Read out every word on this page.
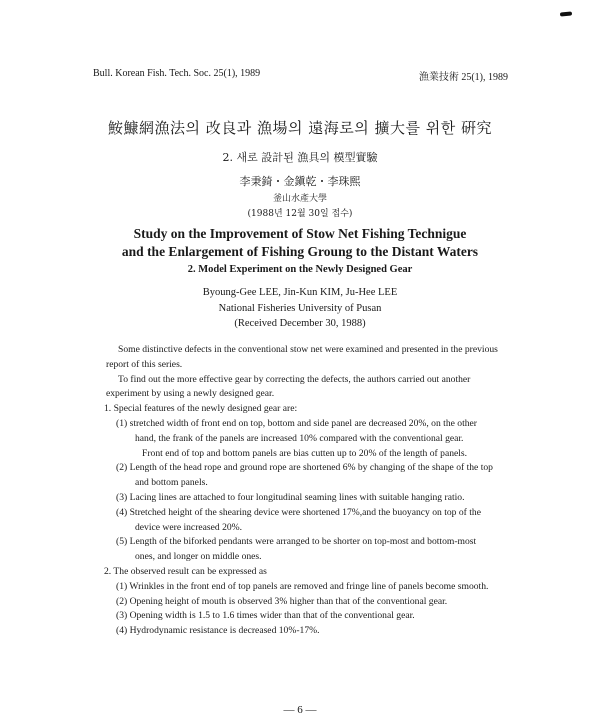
Bull. Korean Fish. Tech. Soc. 25(1), 1989	漁業技術 25(1), 1989
鮟鱇網漁法의 改良과 漁場의 遠海로의 擴大를 위한 硏究
2. 새로 設計된 漁具의 模型實驗
李秉錡・金鎭乾・李珠熙
釜山水產大學
(1988년 12월 30일 접수)
Study on the Improvement of Stow Net Fishing Technigue
and the Enlargement of Fishing Groung to the Distant Waters
2. Model Experiment on the Newly Designed Gear
Byoung-Gee LEE, Jin-Kun KIM, Ju-Hee LEE
National Fisheries University of Pusan
(Received December 30, 1988)

Some distinctive defects in the conventional stow net were examined and presented in the previous report of this series.

To find out the more effective gear by correcting the defects, the authors carried out another experiment by using a newly designed gear.

1. Special features of the newly designed gear are:

(1) stretched width of front end on top, bottom and side panel are decreased 20%, on the other hand, the frank of the panels are increased 10% compared with the conventional gear.

Front end of top and bottom panels are bias cutten up to 20% of the length of panels.

(2) Length of the head rope and ground rope are shortened 6% by changing of the shape of the top and bottom panels.

(3) Lacing lines are attached to four longitudinal seaming lines with suitable hanging ratio.

(4) Stretched height of the shearing device were shortened 17%,and the buoyancy on top of the device were increased 20%.

(5) Length of the biforked pendants were arranged to be shorter on top-most and bottom-most ones, and longer on middle ones.

2. The observed result can be expressed as

(1) Wrinkles in the front end of top panels are removed and fringe line of panels become smooth.

(2) Opening height of mouth is observed 3% higher than that of the conventional gear.

(3) Opening width is 1.5 to 1.6 times wider than that of the conventional gear.

(4) Hydrodynamic resistance is decreased 10%-17%.

— 6 —
